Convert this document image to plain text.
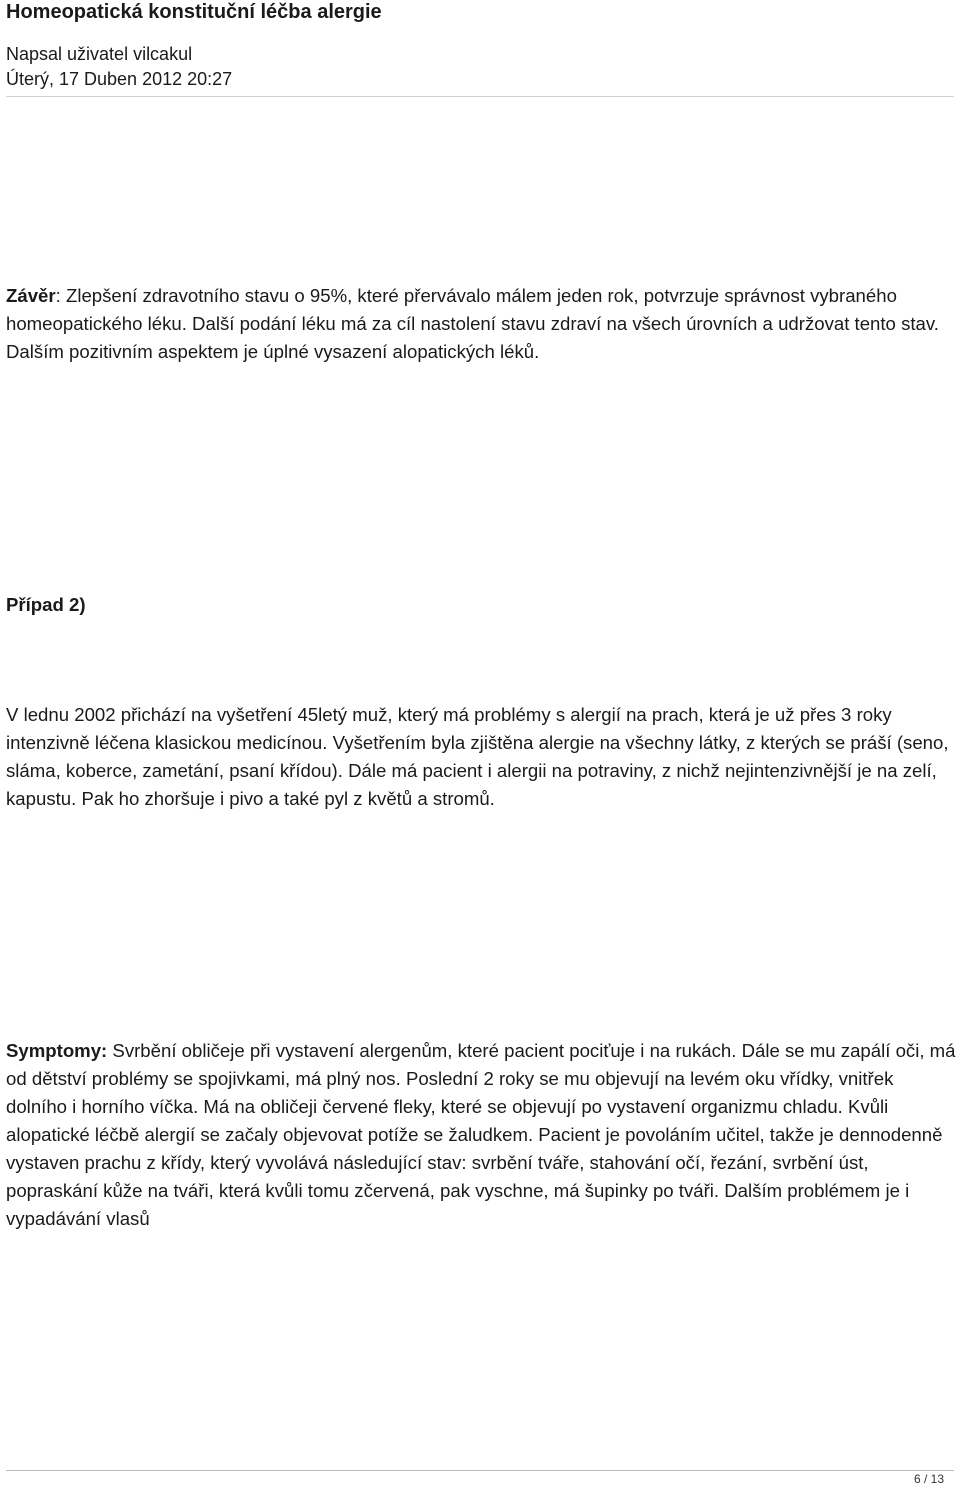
Homeopatická konstituční léčba alergie
Napsal uživatel vilcakul
Úterý, 17 Duben 2012 20:27

Závěr: Zlepšení zdravotního stavu o 95%, které přervávalo málem jeden rok, potvrzuje správnost vybraného homeopatického léku. Další podání léku má za cíl nastolení stavu zdraví na všech úrovních a udržovat tento stav. Dalším pozitivním aspektem je úplné vysazení alopatických léků.

Případ 2)

V lednu 2002 přichází na vyšetření 45letý muž, který má problémy s alergií na prach, která je už přes 3 roky intenzivně léčena klasickou medicínou. Vyšetřením byla zjištěna alergie na všechny látky, z kterých se práší (seno, sláma, koberce, zametání, psaní křídou). Dále má pacient i alergii na potraviny, z nichž nejintenzivnější je na zelí, kapustu. Pak ho zhoršuje i pivo a také pyl z květů a stromů.

Symptomy: Svrbění obličeje při vystavení alergenům, které pacient pociťuje i na rukách. Dále se mu zapálí oči, má od dětství problémy se spojivkami, má plný nos. Poslední 2 roky se mu objevují na levém oku vřídky, vnitřek dolního i horního víčka. Má na obličeji červené fleky, které se objevují po vystavení organizmu chladu. Kvůli alopatické léčbě alergií se začaly objevovat potíže se žaludkem. Pacient je povoláním učitel, takže je dennodenně vystaven prachu z křídy, který vyvolává následující stav: svrbění tváře, stahování očí, řezání, svrbění úst, popraskání kůže na tváři, která kvůli tomu zčervená, pak vyschne, má šupinky po tváři. Dalším problémem je i vypadávání vlasů

6 / 13
